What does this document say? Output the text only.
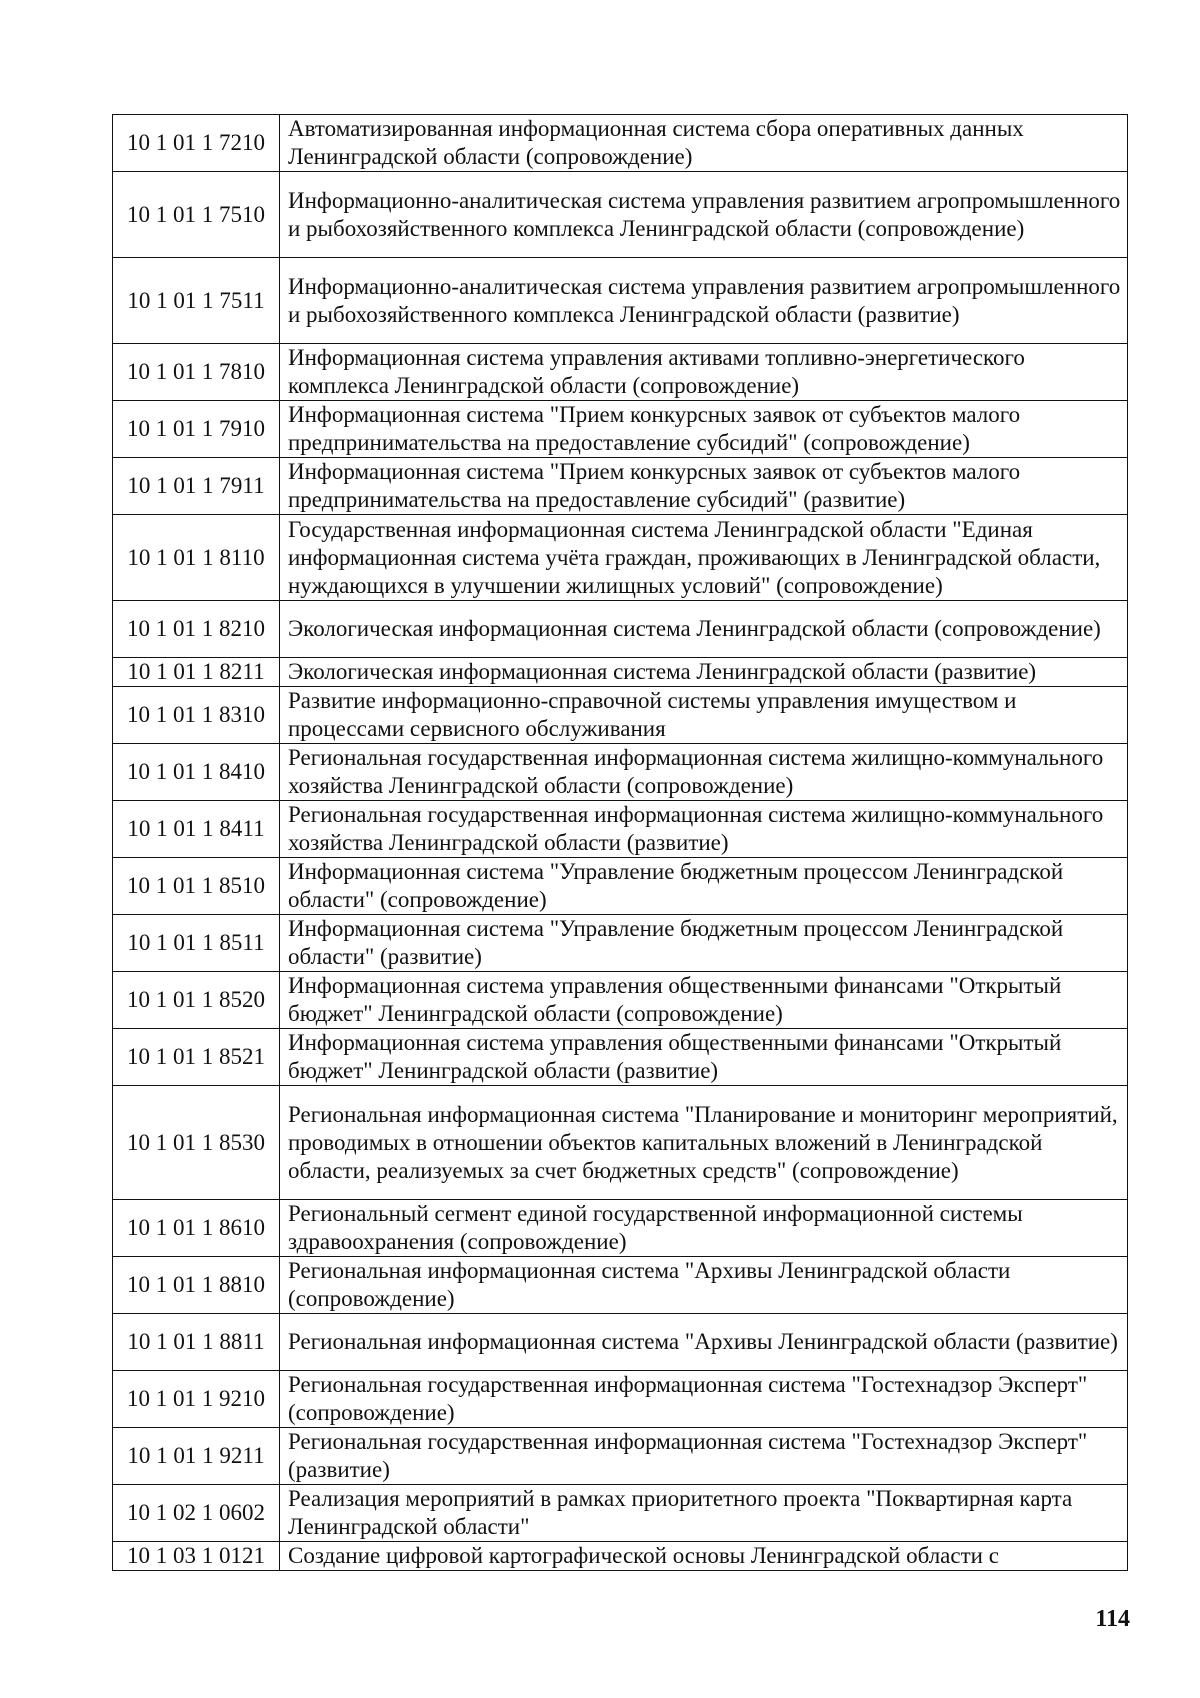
10 1 01 1 7210	Автоматизированная информационная система сбора оперативных данных Ленинградской области (сопровождение)
10 1 01 1 7510	Информационно-аналитическая система управления развитием агропромышленного и рыбохозяйственного комплекса Ленинградской области (сопровождение)
10 1 01 1 7511	Информационно-аналитическая система управления развитием агропромышленного и рыбохозяйственного комплекса Ленинградской области (развитие)
10 1 01 1 7810	Информационная система управления активами топливно-энергетического комплекса Ленинградской области (сопровождение)
10 1 01 1 7910	Информационная система "Прием конкурсных заявок от субъектов малого предпринимательства на предоставление субсидий" (сопровождение)
10 1 01 1 7911	Информационная система "Прием конкурсных заявок от субъектов малого предпринимательства на предоставление субсидий" (развитие)
10 1 01 1 8110	Государственная информационная система Ленинградской области "Единая информационная система учёта граждан, проживающих в Ленинградской области, нуждающихся в улучшении жилищных условий" (сопровождение)
10 1 01 1 8210	Экологическая информационная система Ленинградской области (сопровождение)
10 1 01 1 8211	Экологическая информационная система Ленинградской области (развитие)
10 1 01 1 8310	Развитие информационно-справочной системы управления имуществом и процессами сервисного обслуживания
10 1 01 1 8410	Региональная государственная информационная система жилищно-коммунального хозяйства Ленинградской области (сопровождение)
10 1 01 1 8411	Региональная государственная информационная система жилищно-коммунального хозяйства Ленинградской области (развитие)
10 1 01 1 8510	Информационная система "Управление бюджетным процессом Ленинградской области" (сопровождение)
10 1 01 1 8511	Информационная система "Управление бюджетным процессом Ленинградской области" (развитие)
10 1 01 1 8520	Информационная система управления общественными финансами "Открытый бюджет" Ленинградской области (сопровождение)
10 1 01 1 8521	Информационная система управления общественными финансами "Открытый бюджет" Ленинградской области (развитие)
10 1 01 1 8530	Региональная информационная система "Планирование и мониторинг мероприятий, проводимых в отношении объектов капитальных вложений в Ленинградской области, реализуемых за счет бюджетных средств" (сопровождение)
10 1 01 1 8610	Региональный сегмент единой государственной информационной системы здравоохранения (сопровождение)
10 1 01 1 8810	Региональная информационная система "Архивы Ленинградской области (сопровождение)
10 1 01 1 8811	Региональная информационная система "Архивы Ленинградской области (развитие)
10 1 01 1 9210	Региональная государственная информационная система "Гостехнадзор Эксперт" (сопровождение)
10 1 01 1 9211	Региональная государственная информационная система "Гостехнадзор Эксперт" (развитие)
10 1 02 1 0602	Реализация мероприятий в рамках приоритетного проекта "Поквартирная карта Ленинградской области"
10 1 03 1 0121	Создание цифровой картографической основы Ленинградской области с
114
